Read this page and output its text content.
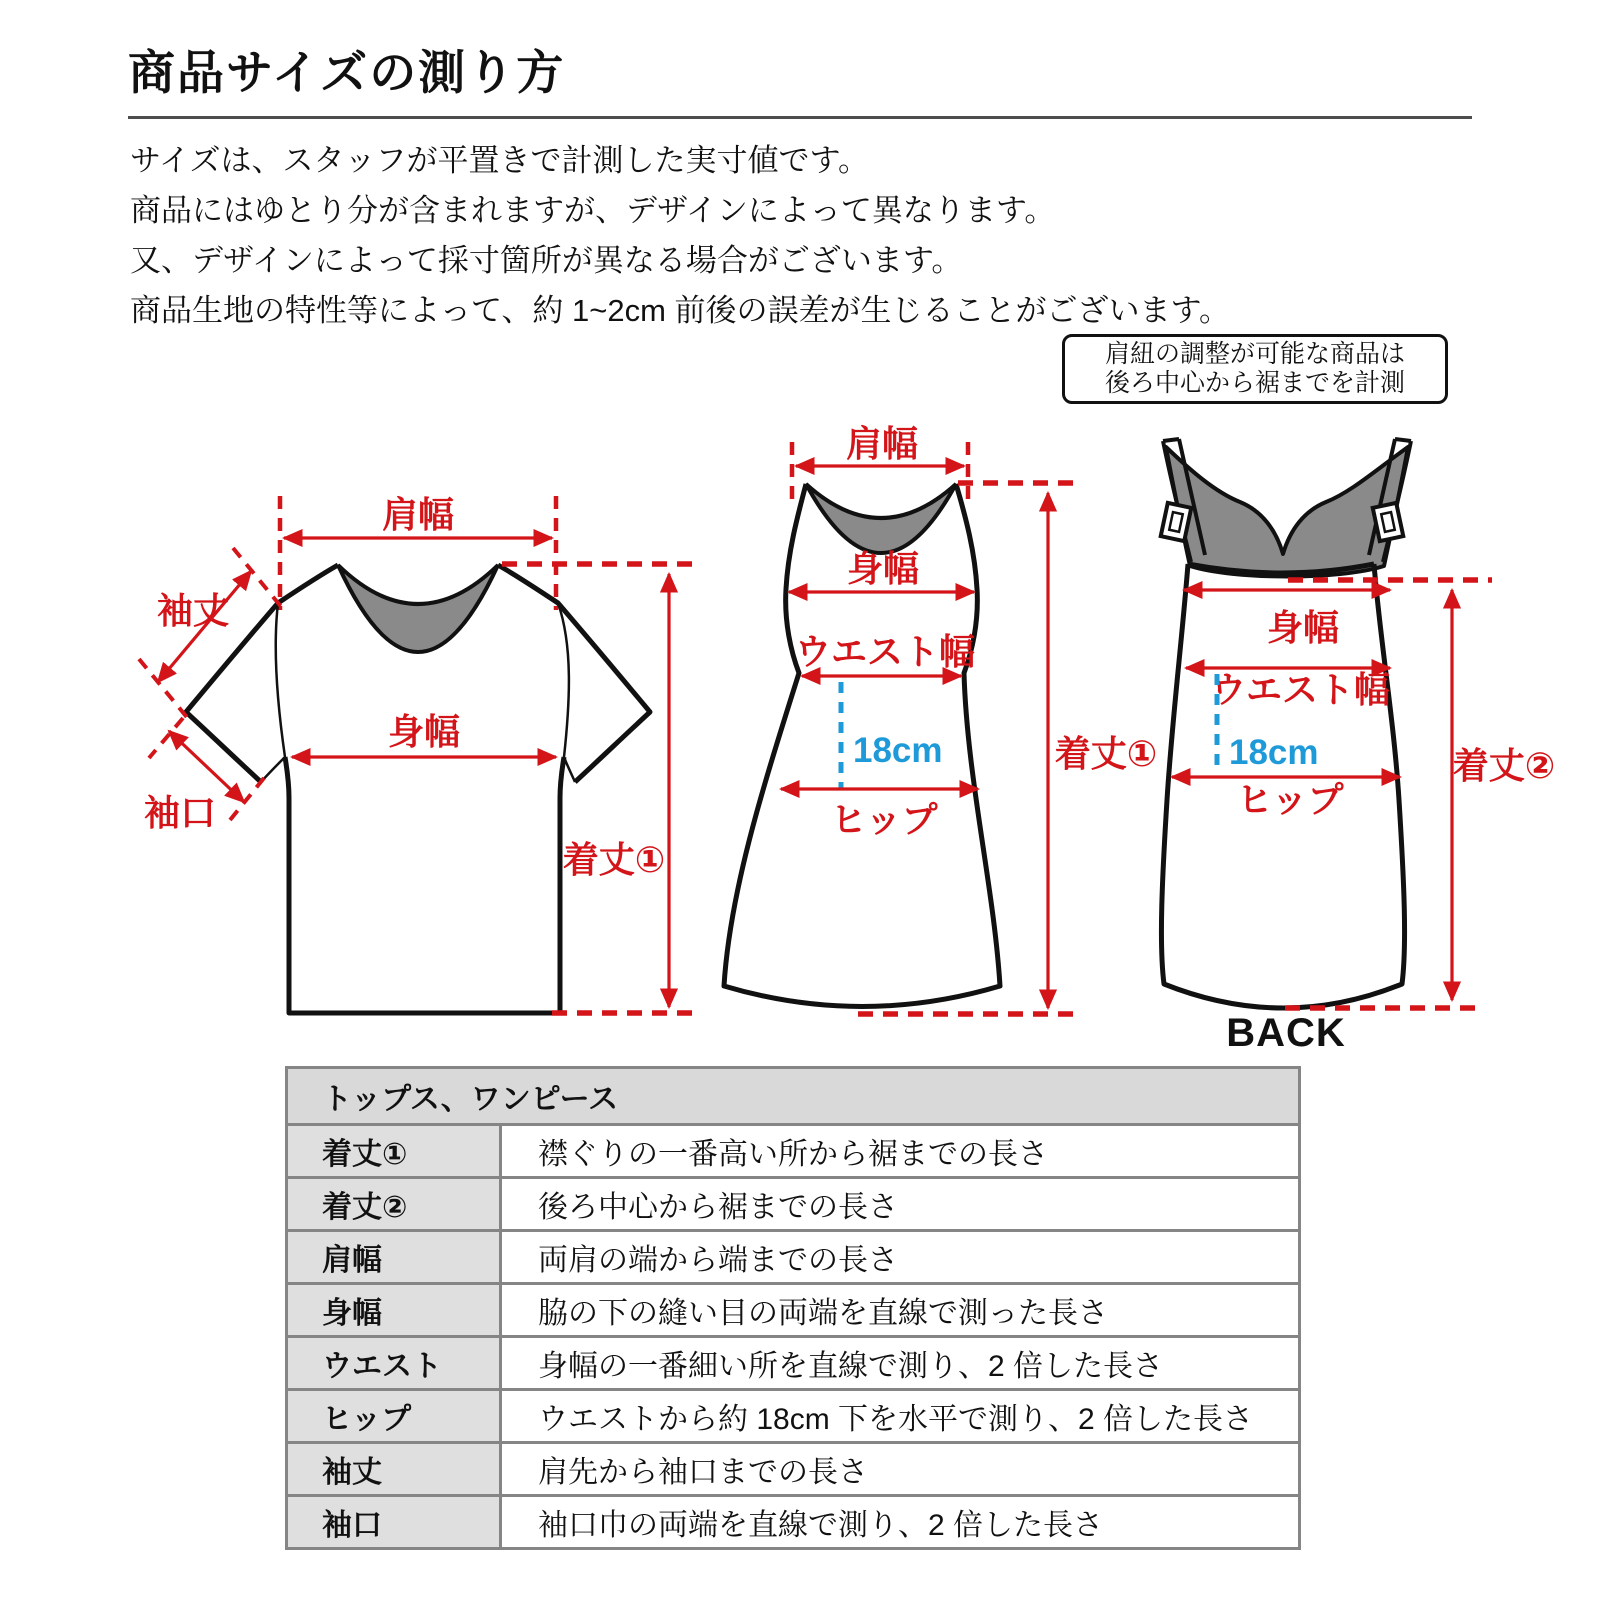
商品サイズの測り方

サイズは、スタッフが平置きで計測した実寸値です。

商品にはゆとり分が含まれますが、デザインによって異なります。

又、デザインによって採寸箇所が異なる場合がございます。

商品生地の特性等によって、約 1~2cm 前後の誤差が生じることがございます。

肩紐の調整が可能な商品は
後ろ中心から裾までを計測
肩幅
袖丈
袖口
身幅
着丈①
肩幅
身幅
ウエスト幅
18cm
ヒップ
着丈①
身幅
ウエスト幅
18cm
ヒップ
着丈②
BACK
トップス、ワンピース	
着丈①	襟ぐりの一番高い所から裾までの長さ
着丈②	後ろ中心から裾までの長さ
肩幅	両肩の端から端までの長さ
身幅	脇の下の縫い目の両端を直線で測った長さ
ウエスト	身幅の一番細い所を直線で測り、2 倍した長さ
ヒップ	ウエストから約 18cm 下を水平で測り、2 倍した長さ
袖丈	肩先から袖口までの長さ
袖口	袖口巾の両端を直線で測り、2 倍した長さ
